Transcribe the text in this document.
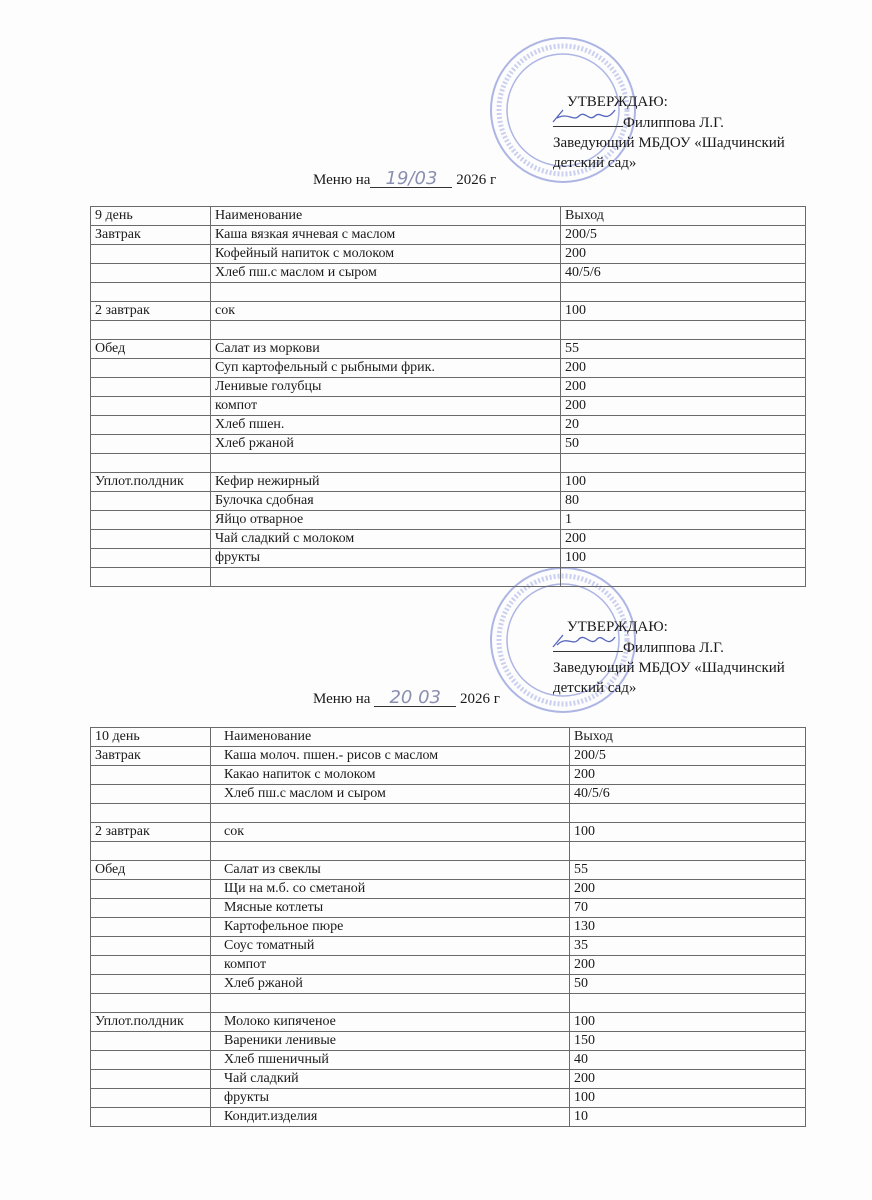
УТВЕРЖДАЮ:
Филиппова Л.Г.
Заведующий МБДОУ «Шадчинский
детский сад»
Меню на 19/03 2026 г
9 день	Наименование	Выход
Завтрак	Каша вязкая ячневая с маслом	200/5
	Кофейный напиток с молоком	200
	Хлеб пш.с маслом и сыром	40/5/6

2 завтрак	сок	100

Обед	Салат из моркови	55
	Суп картофельный с рыбными фрик.	200
	Ленивые голубцы	200
	компот	200
	Хлеб пшен.	20
	Хлеб ржаной	50

Уплот.полдник	Кефир нежирный	100
	Булочка сдобная	80
	Яйцо отварное	1
	Чай сладкий с молоком	200
	фрукты	100

УТВЕРЖДАЮ:
Филиппова Л.Г.
Заведующий МБДОУ «Шадчинский
детский сад»
Меню на 20 03 2026 г
10 день	Наименование	Выход
Завтрак	Каша молоч. пшен.- рисов с маслом	200/5
	Какао напиток с молоком	200
	Хлеб пш.с маслом и сыром	40/5/6

2 завтрак	сок	100

Обед	Салат из свеклы	55
	Щи на м.б. со сметаной	200
	Мясные котлеты	70
	Картофельное пюре	130
	Соус томатный	35
	компот	200
	Хлеб ржаной	50

Уплот.полдник	Молоко кипяченое	100
	Вареники ленивые	150
	Хлеб пшеничный	40
	Чай сладкий	200
	фрукты	100
	Кондит.изделия	10
